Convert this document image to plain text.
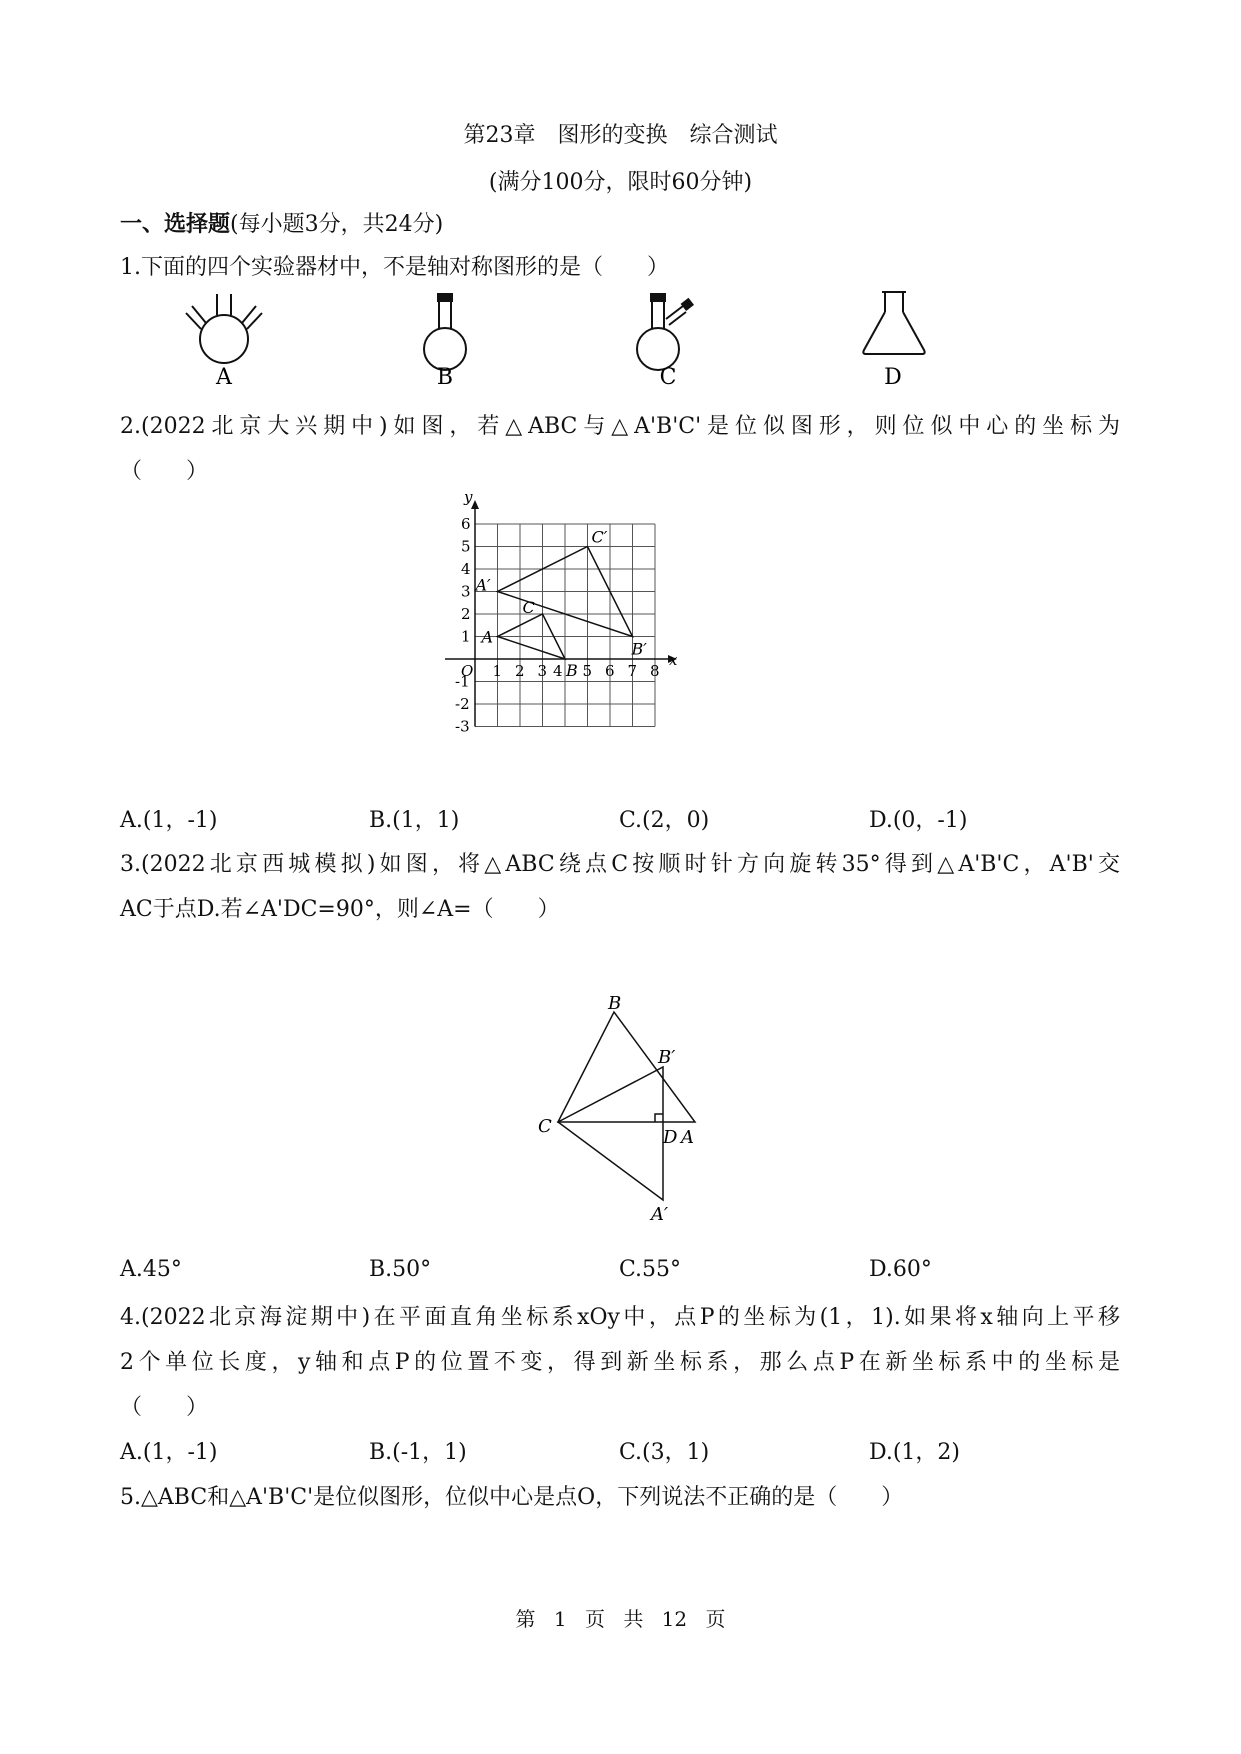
第23章　图形的变换　综合测试
(满分100分，限时60分钟)
一、选择题(每小题3分，共24分)
1.下面的四个实验器材中，不是轴对称图形的是（　　）
A	B	C	D
2.(2022北京大兴期中)如图，若△ABC与△A'B'C'是位似图形，则位似中心的坐标为
（　　）
1 2 3 5 6 7 8
4
6
5
4
3
2
1
-1
-2
-3
O
x
y
A
B
C
A′
B′
C′
A.(1，-1)	B.(1，1)	C.(2，0)	D.(0，-1)
3.(2022北京西城模拟)如图，将△ABC绕点C按顺时针方向旋转35°得到△A'B'C，A'B'交
AC于点D.若∠A'DC=90°，则∠A=（　　）
B
B′
C
D A
A′
A.45°	B.50°	C.55°	D.60°
4.(2022北京海淀期中)在平面直角坐标系xOy中，点P的坐标为(1，1).如果将x轴向上平移
2个单位长度，y轴和点P的位置不变，得到新坐标系，那么点P在新坐标系中的坐标是
（　　）
A.(1，-1)	B.(-1，1)	C.(3，1)	D.(1，2)
5.△ABC和△A'B'C'是位似图形，位似中心是点O，下列说法不正确的是（　　）
第 1 页 共 12 页
